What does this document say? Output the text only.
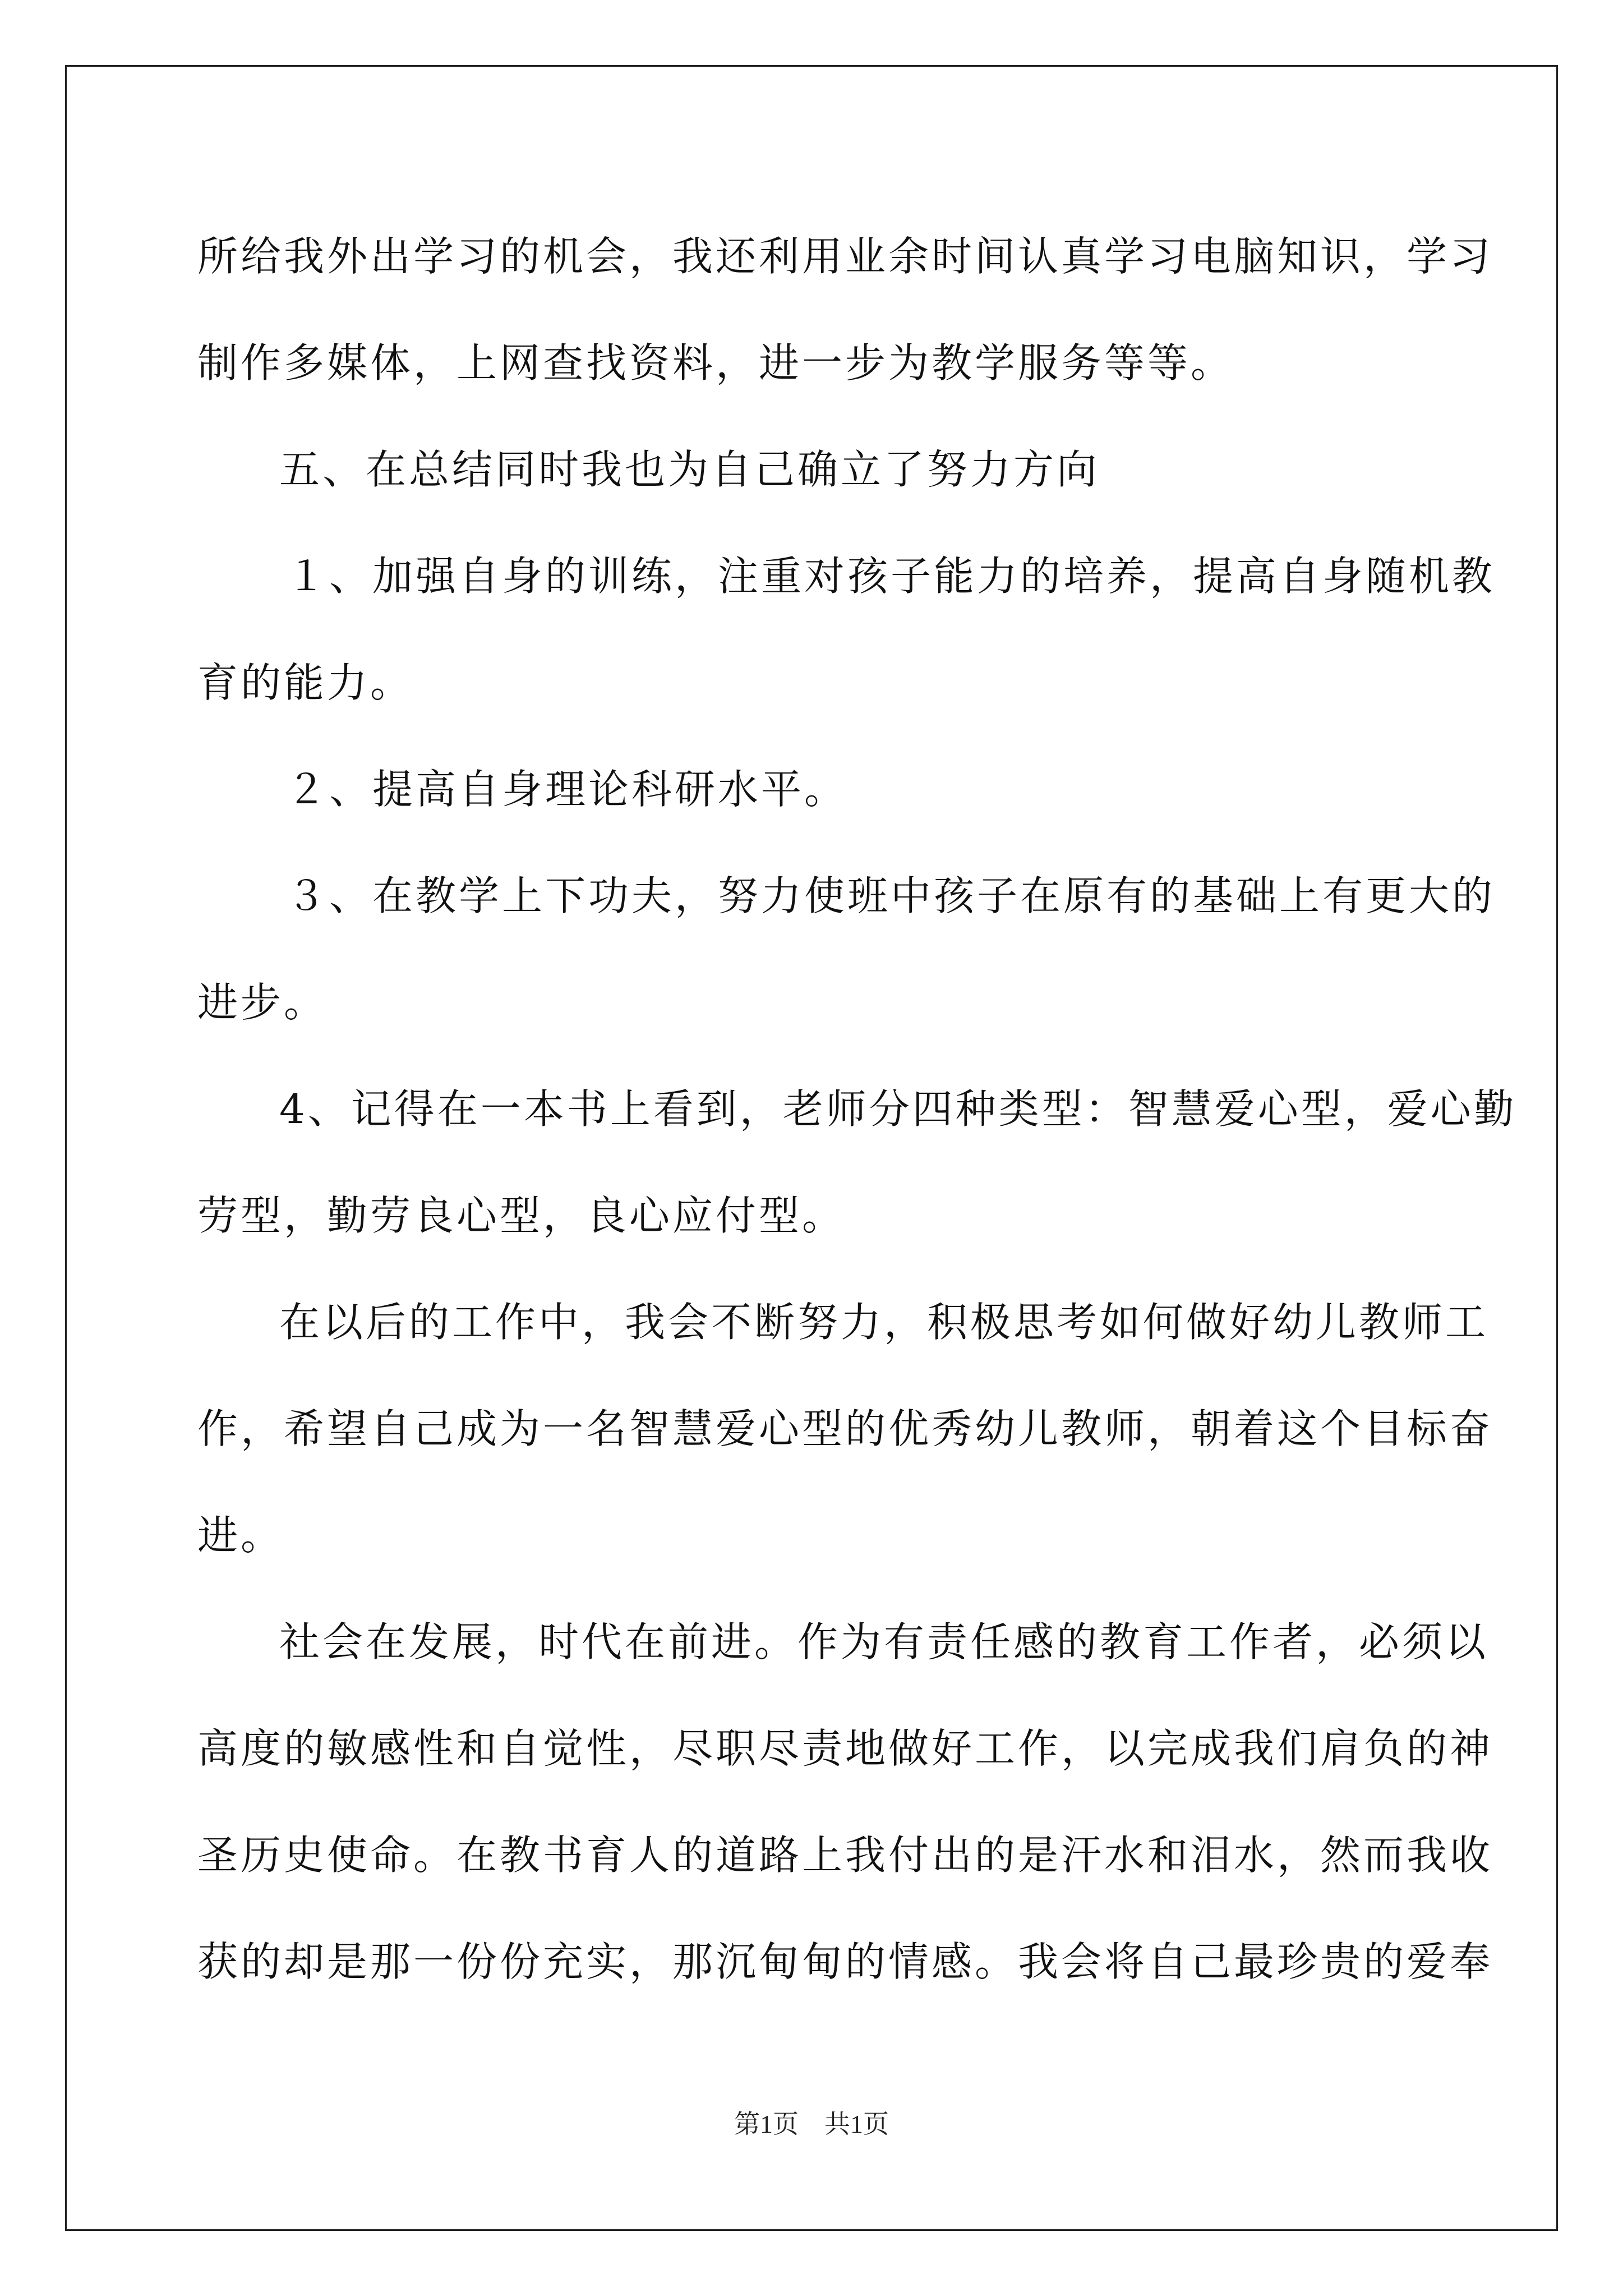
所给我外出学习的机会，我还利用业余时间认真学习电脑知识，学习
制作多媒体，上网查找资料，进一步为教学服务等等。
五、在总结同时我也为自己确立了努力方向
１、加强自身的训练，注重对孩子能力的培养，提高自身随机教
育的能力。
２、提高自身理论科研水平。
３、在教学上下功夫，努力使班中孩子在原有的基础上有更大的
进步。
4、记得在一本书上看到，老师分四种类型：智慧爱心型，爱心勤
劳型，勤劳良心型，良心应付型。
在以后的工作中，我会不断努力，积极思考如何做好幼儿教师工
作，希望自己成为一名智慧爱心型的优秀幼儿教师，朝着这个目标奋
进。
社会在发展，时代在前进。作为有责任感的教育工作者，必须以
高度的敏感性和自觉性，尽职尽责地做好工作，以完成我们肩负的神
圣历史使命。在教书育人的道路上我付出的是汗水和泪水，然而我收
获的却是那一份份充实，那沉甸甸的情感。我会将自己最珍贵的爱奉
第1页　共1页
